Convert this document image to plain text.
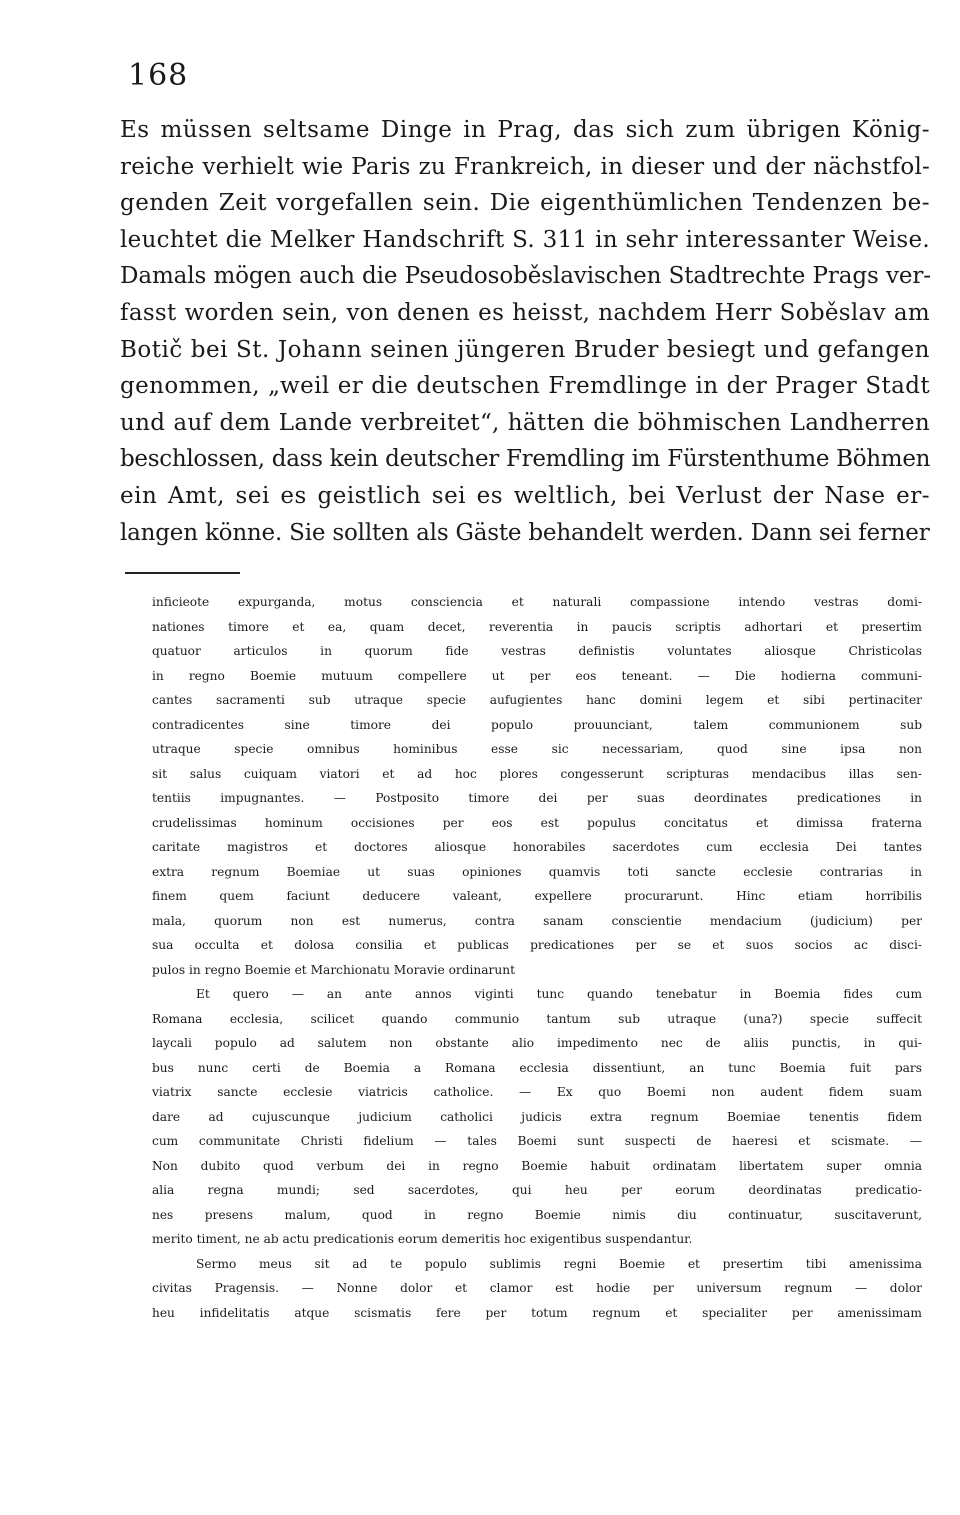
168
Es müssen seltsame Dinge in Prag, das sich zum übrigen König-
reiche verhielt wie Paris zu Frankreich, in dieser und der nächstfol-
genden Zeit vorgefallen sein. Die eigenthümlichen Tendenzen be-
leuchtet die Melker Handschrift S. 311 in sehr interessanter Weise.
Damals mögen auch die Pseudosoběslavischen Stadtrechte Prags ver-
fasst worden sein, von denen es heisst, nachdem Herr Soběslav am
Botič bei St. Johann seinen jüngeren Bruder besiegt und gefangen
genommen, „weil er die deutschen Fremdlinge in der Prager Stadt
und auf dem Lande verbreitet“, hätten die böhmischen Landherren
beschlossen, dass kein deutscher Fremdling im Fürstenthume Böhmen
ein Amt, sei es geistlich sei es weltlich, bei Verlust der Nase er-
langen könne. Sie sollten als Gäste behandelt werden. Dann sei ferner
inficieote expurganda, motus consciencia et naturali compassione intendo vestras domi-
nationes timore et ea, quam decet, reverentia in paucis scriptis adhortari et presertim
quatuor articulos in quorum fide vestras definistis voluntates aliosque Christicolas
in regno Boemie mutuum compellere ut per eos teneant. — Die hodierna communi-
cantes sacramenti sub utraque specie aufugientes hanc domini legem et sibi pertinaciter
contradicentes sine timore dei populo prouunciant, talem communionem sub
utraque specie omnibus hominibus esse sic necessariam, quod sine ipsa non
sit salus cuiquam viatori et ad hoc plores congesserunt scripturas mendacibus illas sen-
tentiis impugnantes. — Postposito timore dei per suas deordinates predicationes in
crudelissimas hominum occisiones per eos est populus concitatus et dimissa fraterna
caritate magistros et doctores aliosque honorabiles sacerdotes cum ecclesia Dei tantes
extra regnum Boemiae ut suas opiniones quamvis toti sancte ecclesie contrarias in
finem quem faciunt deducere valeant, expellere procurarunt. Hinc etiam horribilis
mala, quorum non est numerus, contra sanam conscientie mendacium (judicium) per
sua occulta et dolosa consilia et publicas predicationes per se et suos socios ac disci-
pulos in regno Boemie et Marchionatu Moravie ordinarunt
Et quero — an ante annos viginti tunc quando tenebatur in Boemia fides cum
Romana ecclesia, scilicet quando communio tantum sub utraque (una?) specie suffecit
laycali populo ad salutem non obstante alio impedimento nec de aliis punctis, in qui-
bus nunc certi de Boemia a Romana ecclesia dissentiunt, an tunc Boemia fuit pars
viatrix sancte ecclesie viatricis catholice. — Ex quo Boemi non audent fidem suam
dare ad cujuscunque judicium catholici judicis extra regnum Boemiae tenentis fidem
cum communitate Christi fidelium — tales Boemi sunt suspecti de haeresi et scismate. —
Non dubito quod verbum dei in regno Boemie habuit ordinatam libertatem super omnia
alia regna mundi; sed sacerdotes, qui heu per eorum deordinatas predicatio-
nes presens malum, quod in regno Boemie nimis diu continuatur, suscitaverunt,
merito timent, ne ab actu predicationis eorum demeritis hoc exigentibus suspendantur.
Sermo meus sit ad te populo sublimis regni Boemie et presertim tibi amenissima
civitas Pragensis. — Nonne dolor et clamor est hodie per universum regnum — dolor
heu infidelitatis atque scismatis fere per totum regnum et specialiter per amenissimam
